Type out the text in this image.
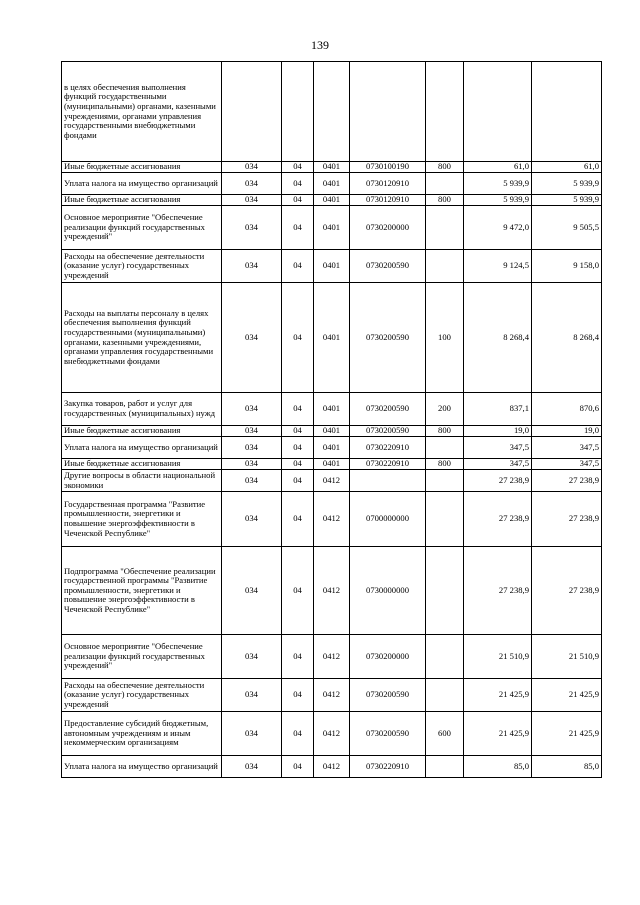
139
в целях обеспечения выполнения функций государственными (муниципальными) органами, казенными учреждениями, органами управления государственными внебюджетными фондами							
Иные бюджетные ассигнования	034	04	0401	0730100190	800	61,0	61,0
Уплата налога на имущество организаций	034	04	0401	0730120910		5 939,9	5 939,9
Иные бюджетные ассигнования	034	04	0401	0730120910	800	5 939,9	5 939,9
Основное мероприятие "Обеспечение реализации функций государственных учреждений"	034	04	0401	0730200000		9 472,0	9 505,5
Расходы на обеспечение деятельности (оказание услуг) государственных учреждений	034	04	0401	0730200590		9 124,5	9 158,0
Расходы на выплаты персоналу в целях обеспечения выполнения функций государственными (муниципальными) органами, казенными учреждениями, органами управления государственными внебюджетными фондами	034	04	0401	0730200590	100	8 268,4	8 268,4
Закупка товаров, работ и услуг для государственных (муниципальных) нужд	034	04	0401	0730200590	200	837,1	870,6
Иные бюджетные ассигнования	034	04	0401	0730200590	800	19,0	19,0
Уплата налога на имущество организаций	034	04	0401	0730220910		347,5	347,5
Иные бюджетные ассигнования	034	04	0401	0730220910	800	347,5	347,5
Другие вопросы в области национальной экономики	034	04	0412			27 238,9	27 238,9
Государственная программа "Развитие промышленности, энергетики и повышение энергоэффективности в Чеченской Республике"	034	04	0412	0700000000		27 238,9	27 238,9
Подпрограмма "Обеспечение реализации государственной программы "Развитие промышленности, энергетики и повышение энергоэффективности в Чеченской Республике"	034	04	0412	0730000000		27 238,9	27 238,9
Основное мероприятие "Обеспечение реализации функций государственных учреждений"	034	04	0412	0730200000		21 510,9	21 510,9
Расходы на обеспечение деятельности (оказание услуг) государственных учреждений	034	04	0412	0730200590		21 425,9	21 425,9
Предоставление субсидий бюджетным, автономным учреждениям и иным некоммерческим организациям	034	04	0412	0730200590	600	21 425,9	21 425,9
Уплата налога на имущество организаций	034	04	0412	0730220910		85,0	85,0
